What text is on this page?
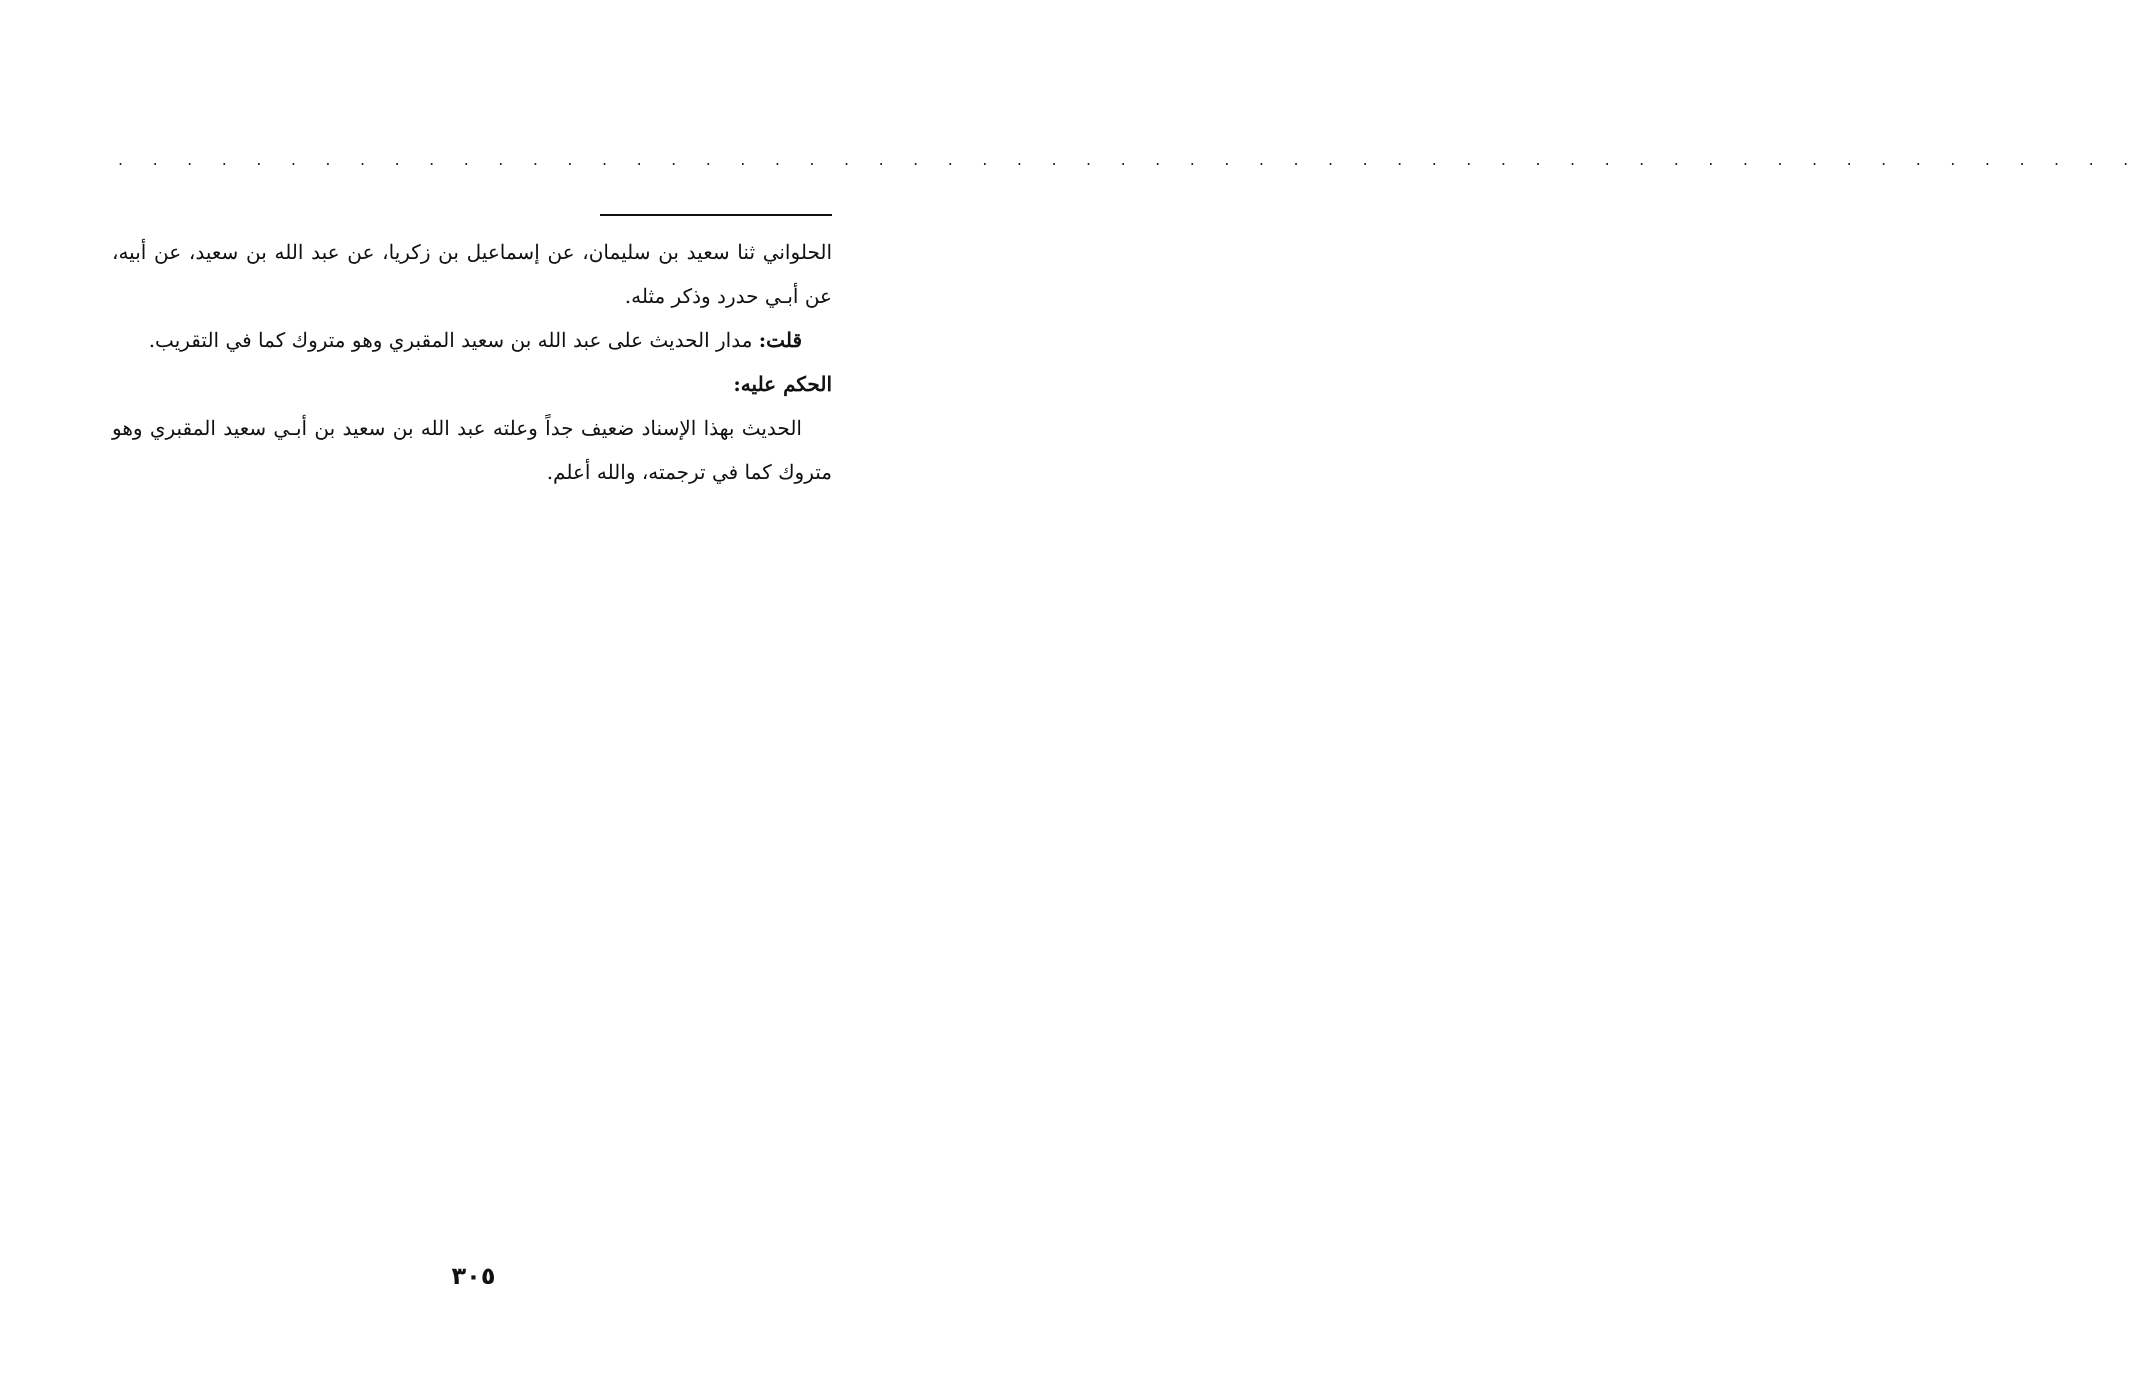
. . . . . . . . . . . . . . . . . . . . . . . . . . . . . . . . . . . . . . . . . . . . . . . . . . . . . . . . . . .

الحلواني ثنا سعيد بن سليمان، عن إسماعيل بن زكريا، عن عبد الله بن سعيد، عن أبيه، عن أبـي حدرد وذكر مثله.

قلت: مدار الحديث على عبد الله بن سعيد المقبري وهو متروك كما في التقريب.

الحكم عليه:

الحديث بهذا الإسناد ضعيف جداً وعلته عبد الله بن سعيد بن أبـي سعيد المقبري وهو متروك كما في ترجمته، والله أعلم.

٣٠٥
